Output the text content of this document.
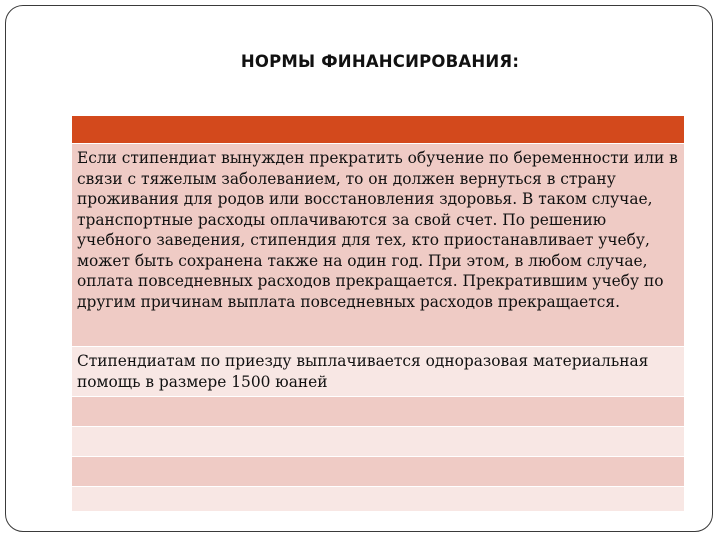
НОРМЫ ФИНАНСИРОВАНИЯ:
Если стипендиат вынужден прекратить обучение по беременности или в связи с тяжелым заболеванием, то он должен вернуться в страну проживания для родов или восстановления здоровья. В таком случае, транспортные расходы оплачиваются за свой счет. По решению учебного заведения, стипендия для тех, кто приостанавливает учебу, может быть сохранена также на один год. При этом, в любом случае, оплата повседневных расходов прекращается. Прекратившим учебу по другим причинам выплата повседневных расходов прекращается.
Стипендиатам по приезду выплачивается одноразовая материальная помощь в размере 1500 юаней
